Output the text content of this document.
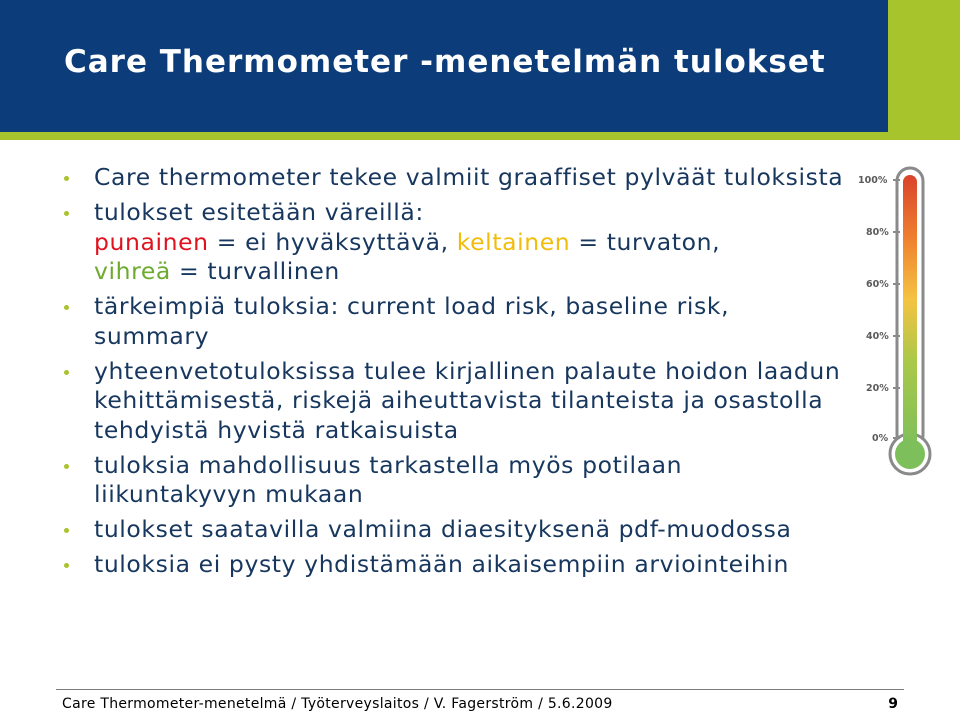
Care Thermometer -menetelmän tulokset
Care thermometer tekee valmiit graaffiset pylväät tuloksista
tulokset esitetään väreillä:
punainen = ei hyväksyttävä, keltainen = turvaton,
vihreä = turvallinen
tärkeimpiä tuloksia: current load risk, baseline risk, summary
yhteenvetotuloksissa tulee kirjallinen palaute hoidon laadun kehittämisestä, riskejä aiheuttavista tilanteista ja osastolla tehdyistä hyvistä ratkaisuista
tuloksia mahdollisuus tarkastella myös potilaan liikuntakyvyn mukaan
tulokset saatavilla valmiina diaesityksenä pdf-muodossa
tuloksia ei pysty yhdistämään aikaisempiin arviointeihin
100%
80%
60%
40%
20%
0%
Care Thermometer-menetelmä / Työterveyslaitos / V. Fagerström / 5.6.2009	9
